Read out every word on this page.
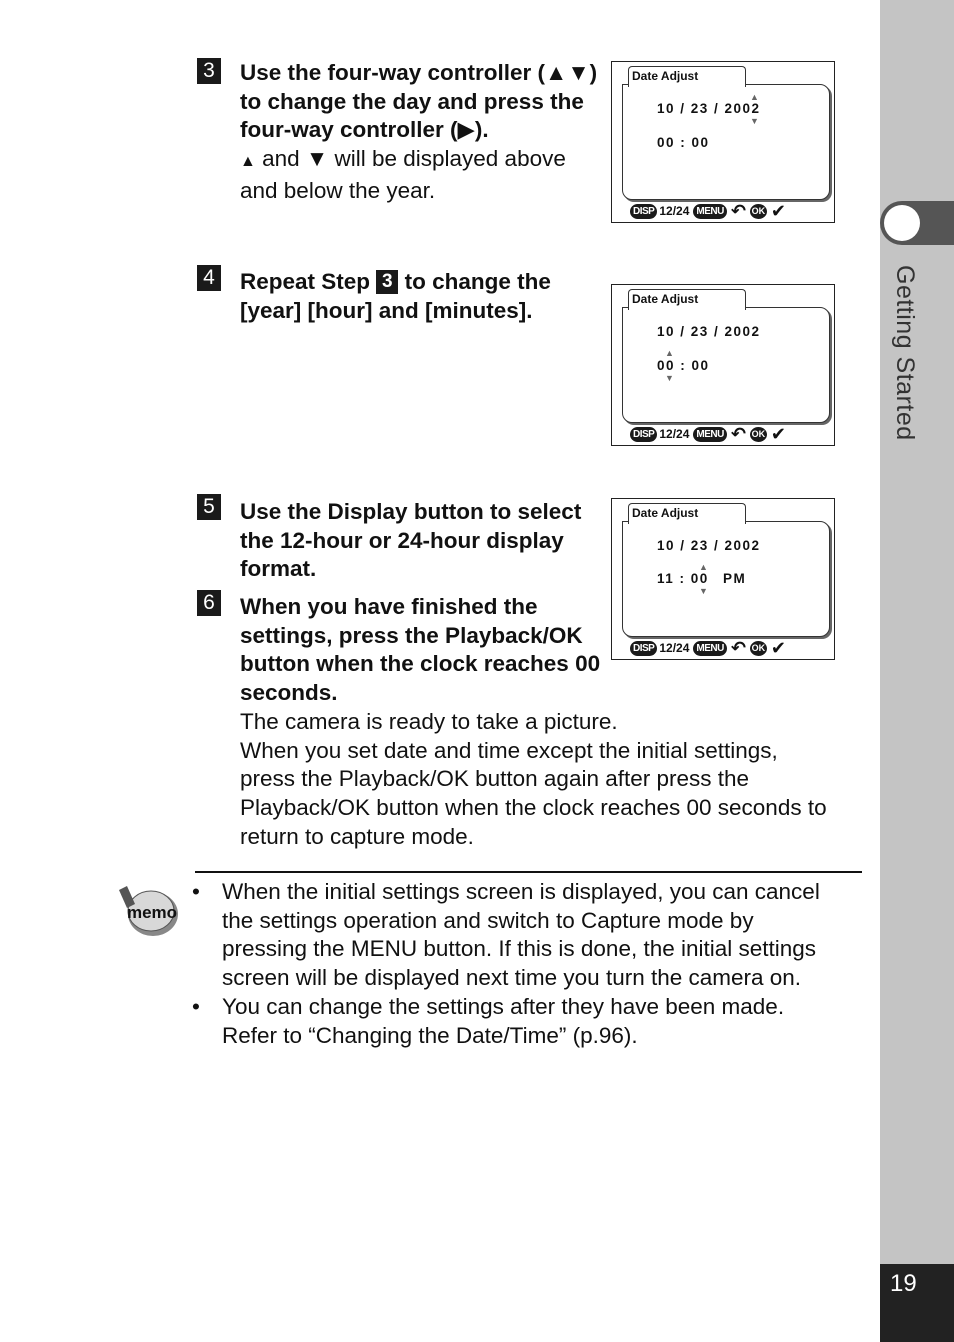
Getting Started
19
3 Use the four-way controller (▲▼)
to change the day and press the
four-way controller (▶).
▲ and ▼ will be displayed above
and below the year.
4 Repeat Step 3 to change the
[year] [hour] and [minutes].
5 Use the Display button to select
the 12-hour or 24-hour display
format.
6 When you have finished the
settings, press the Playback/OK
button when the clock reaches 00
seconds.
The camera is ready to take a picture.
When you set date and time except the initial settings,
press the Playback/OK button again after press the
Playback/OK button when the clock reaches 00 seconds to
return to capture mode.
Date Adjust
10 / 23 / 2002
▲
▼
00 : 00
DISP 12/24 MENU ↶ OK ✔
Date Adjust
10 / 23 / 2002
▲
00 : 00
▼
DISP 12/24 MENU ↶ OK ✔
Date Adjust
10 / 23 / 2002
▲
11 : 00 PM
▼
DISP 12/24 MENU ↶ OK ✔
memo
• When the initial settings screen is displayed, you can cancel
the settings operation and switch to Capture mode by
pressing the MENU button. If this is done, the initial settings
screen will be displayed next time you turn the camera on.
• You can change the settings after they have been made.
Refer to “Changing the Date/Time” (p.96).
